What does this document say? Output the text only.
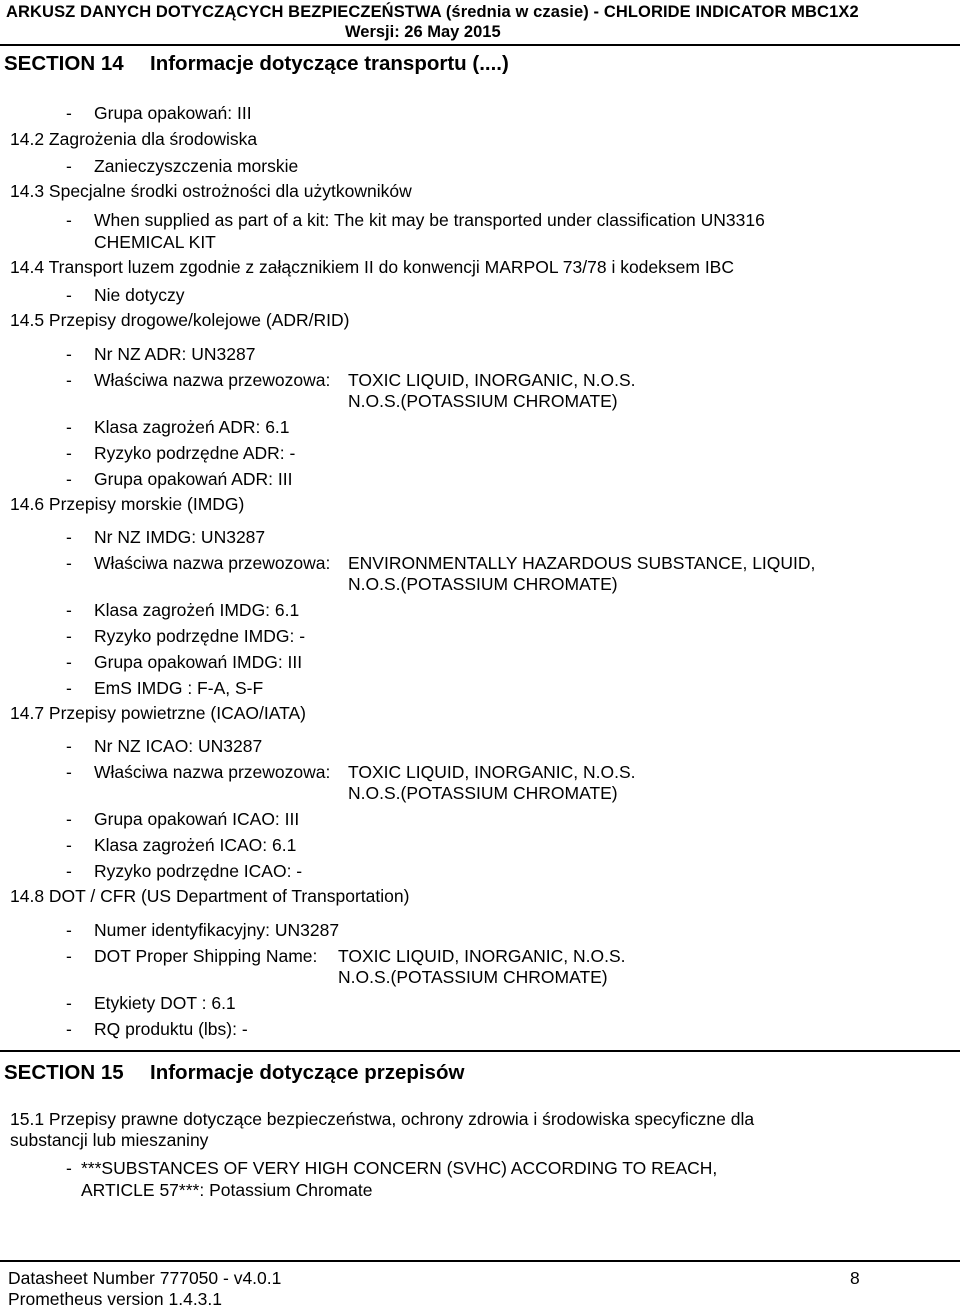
ARKUSZ DANYCH DOTYCZĄCYCH BEZPIECZEŃSTWA (średnia w czasie) - CHLORIDE INDICATOR MBC1X2
Wersji: 26 May 2015
SECTION 14 Informacje dotyczące transportu (....)
- Grupa opakowań: III
14.2 Zagrożenia dla środowiska
- Zanieczyszczenia morskie
14.3 Specjalne środki ostrożności dla użytkowników
- When supplied as part of a kit: The kit may be transported under classification UN3316
CHEMICAL KIT
14.4 Transport luzem zgodnie z załącznikiem II do konwencji MARPOL 73/78 i kodeksem IBC
- Nie dotyczy
14.5 Przepisy drogowe/kolejowe (ADR/RID)
- Nr NZ ADR: UN3287
- Właściwa nazwa przewozowa: TOXIC LIQUID, INORGANIC, N.O.S.
N.O.S.(POTASSIUM CHROMATE)
- Klasa zagrożeń ADR: 6.1
- Ryzyko podrzędne ADR: -
- Grupa opakowań ADR: III
14.6 Przepisy morskie (IMDG)
- Nr NZ IMDG: UN3287
- Właściwa nazwa przewozowa: ENVIRONMENTALLY HAZARDOUS SUBSTANCE, LIQUID,
N.O.S.(POTASSIUM CHROMATE)
- Klasa zagrożeń IMDG: 6.1
- Ryzyko podrzędne IMDG: -
- Grupa opakowań IMDG: III
- EmS IMDG : F-A, S-F
14.7 Przepisy powietrzne (ICAO/IATA)
- Nr NZ ICAO: UN3287
- Właściwa nazwa przewozowa: TOXIC LIQUID, INORGANIC, N.O.S.
N.O.S.(POTASSIUM CHROMATE)
- Grupa opakowań ICAO: III
- Klasa zagrożeń ICAO: 6.1
- Ryzyko podrzędne ICAO: -
14.8 DOT / CFR (US Department of Transportation)
- Numer identyfikacyjny: UN3287
- DOT Proper Shipping Name: TOXIC LIQUID, INORGANIC, N.O.S.
N.O.S.(POTASSIUM CHROMATE)
- Etykiety DOT : 6.1
- RQ produktu (lbs): -
SECTION 15 Informacje dotyczące przepisów
15.1 Przepisy prawne dotyczące bezpieczeństwa, ochrony zdrowia i środowiska specyficzne dla
substancji lub mieszaniny
- ***SUBSTANCES OF VERY HIGH CONCERN (SVHC) ACCORDING TO REACH,
ARTICLE 57***: Potassium Chromate
Datasheet Number 777050 - v4.0.1	8
Prometheus version 1.4.3.1
